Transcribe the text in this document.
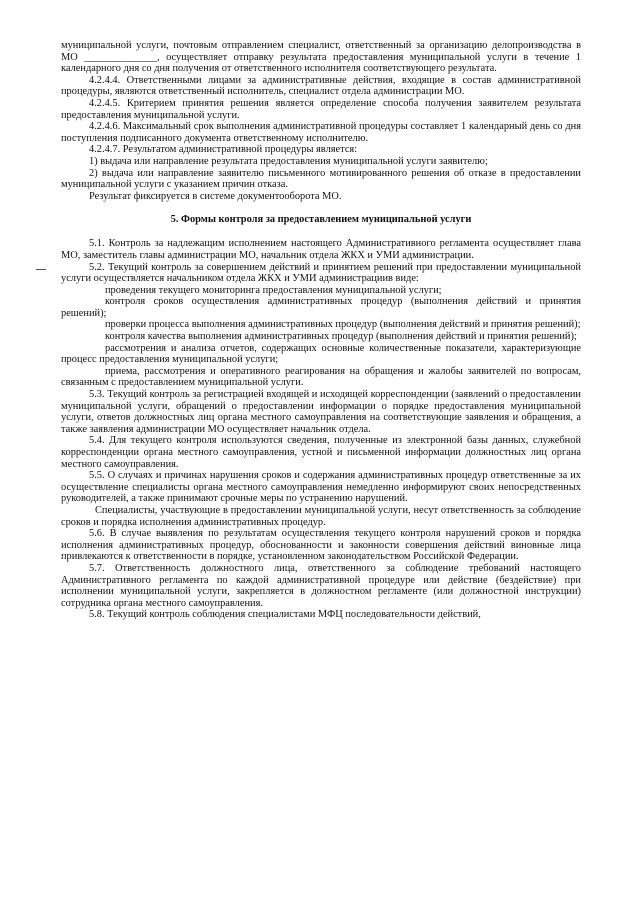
муниципальной услуги, почтовым отправлением специалист, ответственный за организацию делопроизводства в МО ______________, осуществляет отправку результата предоставления муниципальной услуги в течение 1 календарного дня со дня получения от ответственного исполнителя соответствующего результата.

4.2.4.4. Ответственными лицами за административные действия, входящие в состав административной процедуры, являются ответственный исполнитель, специалист отдела администрации МО.

4.2.4.5. Критерием принятия решения является определение способа получения заявителем результата предоставления муниципальной услуги.

4.2.4.6. Максимальный срок выполнения административной процедуры составляет 1 календарный день со дня поступления подписанного документа ответственному исполнителю.

4.2.4.7. Результатом административной процедуры является:

1) выдача или направление результата предоставления муниципальной услуги заявителю;

2) выдача или направление заявителю письменного мотивированного решения об отказе в предоставлении муниципальной услуги с указанием причин отказа.

Результат фиксируется в системе документооборота МО.

5. Формы контроля за предоставлением муниципальной услуги

5.1. Контроль за надлежащим исполнением настоящего Административного регламента осуществляет глава МО, заместитель главы администрации МО, начальник отдела ЖКХ и УМИ администрации.

5.2. Текущий контроль за совершением действий и принятием решений при предоставлении муниципальной услуги осуществляется начальником отдела ЖКХ и УМИ администрациив виде:

проведения текущего мониторинга предоставления муниципальной услуги;

контроля сроков осуществления административных процедур (выполнения действий и принятия решений);

проверки процесса выполнения административных процедур (выполнения действий и принятия решений);

контроля качества выполнения административных процедур (выполнения действий и принятия решений);

рассмотрения и анализа отчетов, содержащих основные количественные показатели, характеризующие процесс предоставления муниципальной услуги;

приема, рассмотрения и оперативного реагирования на обращения и жалобы заявителей по вопросам, связанным с предоставлением муниципальной услуги.

5.3. Текущий контроль за регистрацией входящей и исходящей корреспонденции (заявлений о предоставлении муниципальной услуги, обращений о предоставлении информации о порядке предоставления муниципальной услуги, ответов должностных лиц органа местного самоуправления на соответствующие заявления и обращения, а также заявления администрации МО осуществляет начальник отдела.

5.4. Для текущего контроля используются сведения, полученные из электронной базы данных, служебной корреспонденции органа местного самоуправления, устной и письменной информации должностных лиц органа местного самоуправления.

5.5. О случаях и причинах нарушения сроков и содержания административных процедур ответственные за их осуществление специалисты органа местного самоуправления немедленно информируют своих непосредственных руководителей, а также принимают срочные меры по устранению нарушений.

Специалисты, участвующие в предоставлении муниципальной услуги, несут ответственность за соблюдение сроков и порядка исполнения административных процедур.

5.6. В случае выявления по результатам осуществления текущего контроля нарушений сроков и порядка исполнения административных процедур, обоснованности и законности совершения действий виновные лица привлекаются к ответственности в порядке, установленном законодательством Российской Федерации.

5.7. Ответственность должностного лица, ответственного за соблюдение требований настоящего Административного регламента по каждой административной процедуре или действие (бездействие) при исполнении муниципальной услуги, закрепляется в должностном регламенте (или должностной инструкции) сотрудника органа местного самоуправления.

5.8. Текущий контроль соблюдения специалистами МФЦ последовательности действий,
